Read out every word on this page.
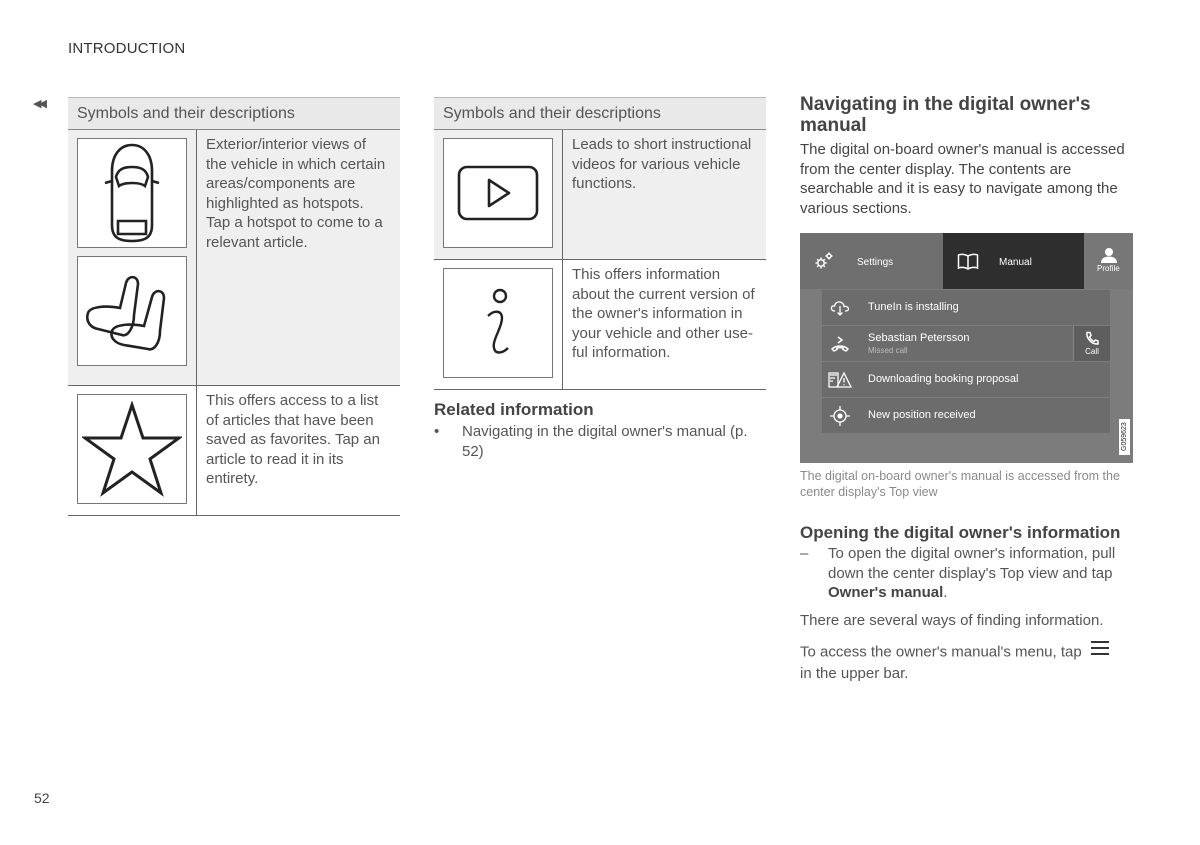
INTRODUCTION
◀◀
Symbols and their descriptions	

Exterior/interior views of the vehicle in which certain areas/components are highlighted as hotspots. Tap a hotspot to come to a relevant article.

This offers access to a list of articles that have been saved as favorites. Tap an article to read it in its entirety.
Symbols and their descriptions	

Leads to short instructional videos for various vehicle functions.

This offers information about the current version of the owner's information in your vehicle and other use-ful information.
Related information
• Navigating in the digital owner's manual (p. 52)
Navigating in the digital owner's manual
The digital on-board owner's manual is accessed from the center display. The contents are searchable and it is easy to navigate among the various sections.
Settings	Manual
Profile
TuneIn is installing
Sebastian Petersson
Missed call	Call
Downloading booking proposal
New position received
G059623
The digital on-board owner's manual is accessed from the center display's Top view
Opening the digital owner's information
– To open the digital owner's information, pull down the center display's Top view and tap Owner's manual.
There are several ways of finding information.
To access the owner's manual's menu, tap
in the upper bar.
52
